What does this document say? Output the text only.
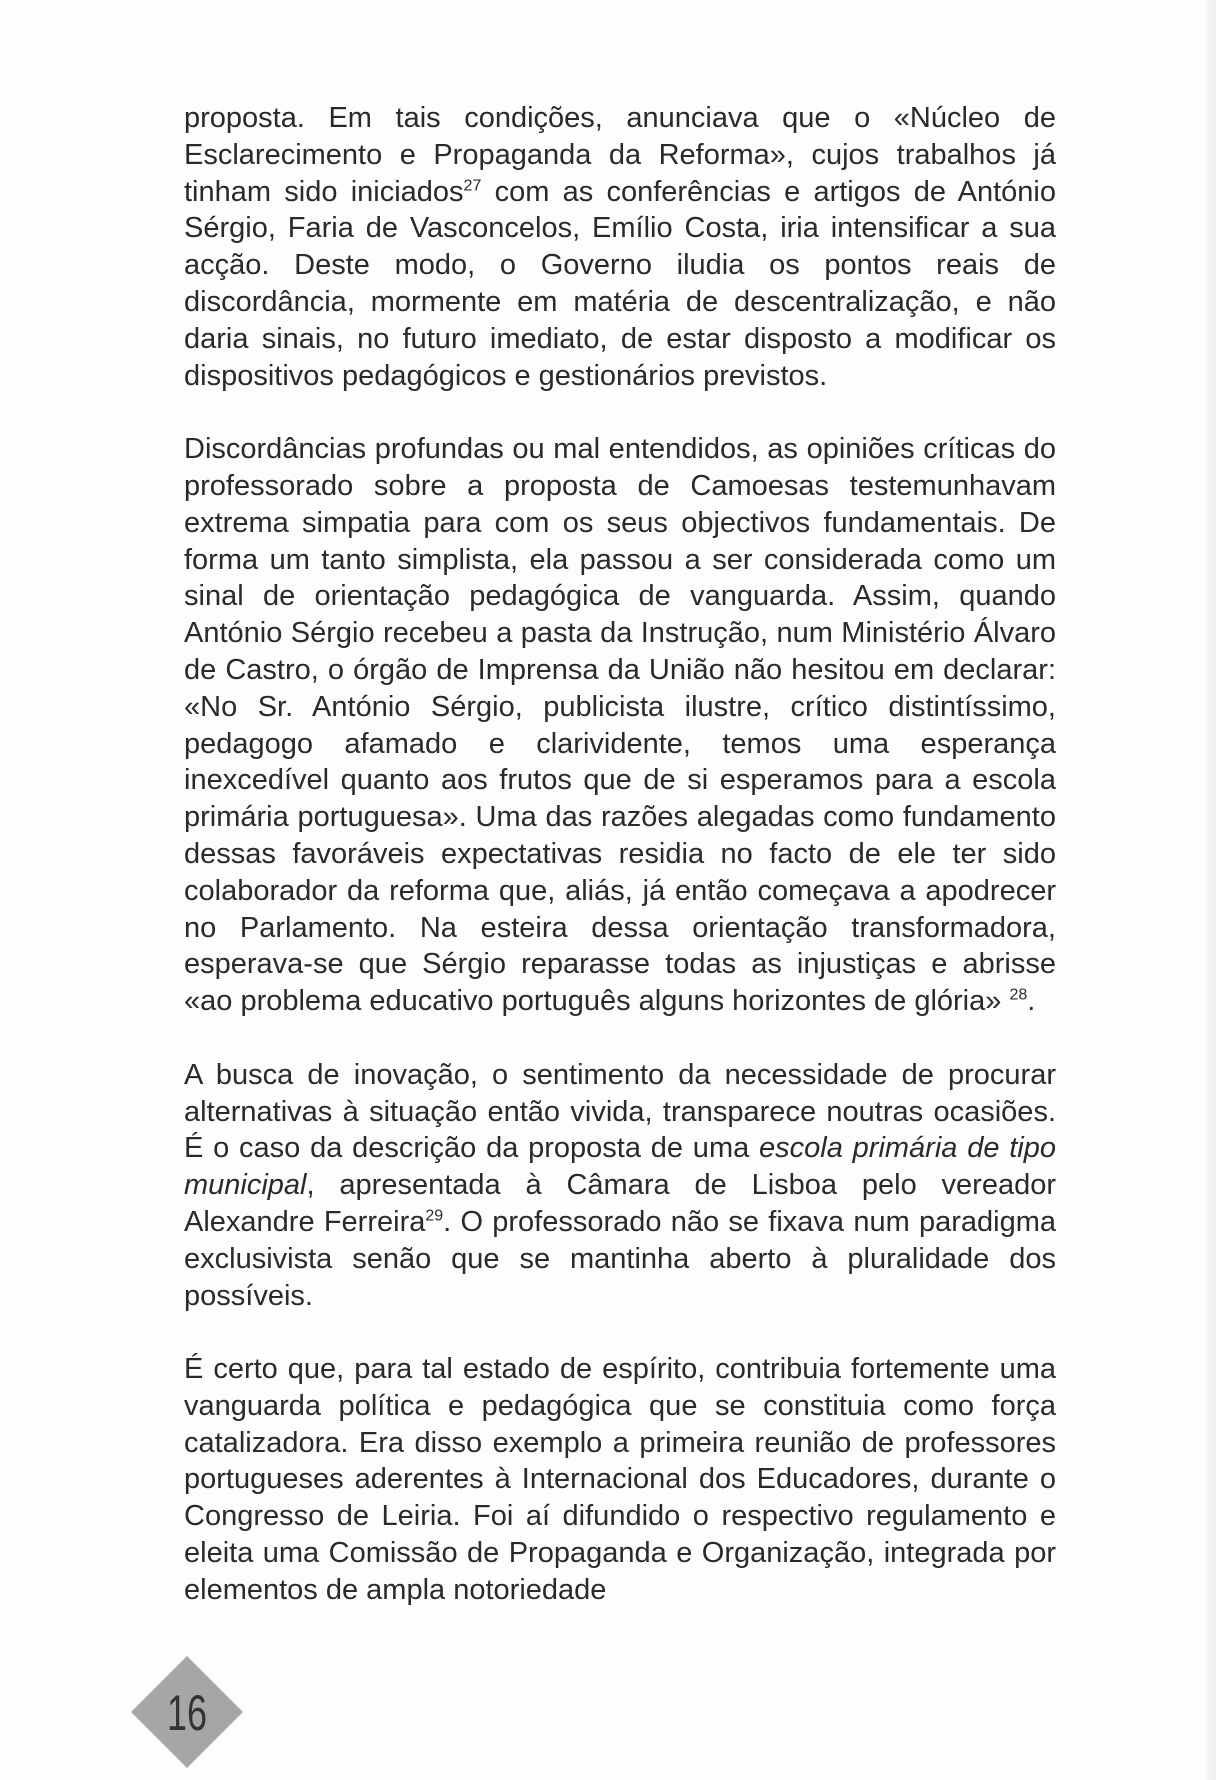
proposta. Em tais condições, anunciava que o «Núcleo de Esclarecimento e Propaganda da Reforma», cujos trabalhos já tinham sido iniciados$^{27}$ com as conferências e artigos de António Sérgio, Faria de Vasconcelos, Emílio Costa, iria intensificar a sua acção. Deste modo, o Governo iludia os pontos reais de discordância, mormente em matéria de descentralização, e não daria sinais, no futuro imediato, de estar disposto a modificar os dispositivos pedagógicos e gestionários previstos.

Discordâncias profundas ou mal entendidos, as opiniões críticas do professorado sobre a proposta de Camoesas testemunhavam extrema simpatia para com os seus objectivos fundamentais. De forma um tanto simplista, ela passou a ser considerada como um sinal de orientação pedagógica de vanguarda. Assim, quando António Sérgio recebeu a pasta da Instrução, num Ministério Álvaro de Castro, o órgão de Imprensa da União não hesitou em declarar: «No Sr. António Sérgio, publicista ilustre, crítico distintíssimo, pedagogo afamado e clarividente, temos uma esperança inexcedível quanto aos frutos que de si esperamos para a escola primária portuguesa». Uma das razões alegadas como fundamento dessas favoráveis expectativas residia no facto de ele ter sido colaborador da reforma que, aliás, já então começava a apodrecer no Parlamento. Na esteira dessa orientação transformadora, esperava-se que Sérgio reparasse todas as injustiças e abrisse «ao problema educativo português alguns horizontes de glória» $^{28}$.

A busca de inovação, o sentimento da necessidade de procurar alternativas à situação então vivida, transparece noutras ocasiões. É o caso da descrição da proposta de uma escola primária de tipo municipal, apresentada à Câmara de Lisboa pelo vereador Alexandre Ferreira$^{29}$. O professorado não se fixava num paradigma exclusivista senão que se mantinha aberto à pluralidade dos possíveis.

É certo que, para tal estado de espírito, contribuia fortemente uma vanguarda política e pedagógica que se constituia como força catalizadora. Era disso exemplo a primeira reunião de professores portugueses aderentes à Internacional dos Educadores, durante o Congresso de Leiria. Foi aí difundido o respectivo regulamento e eleita uma Comissão de Propaganda e Organização, integrada por elementos de ampla notoriedade

16
